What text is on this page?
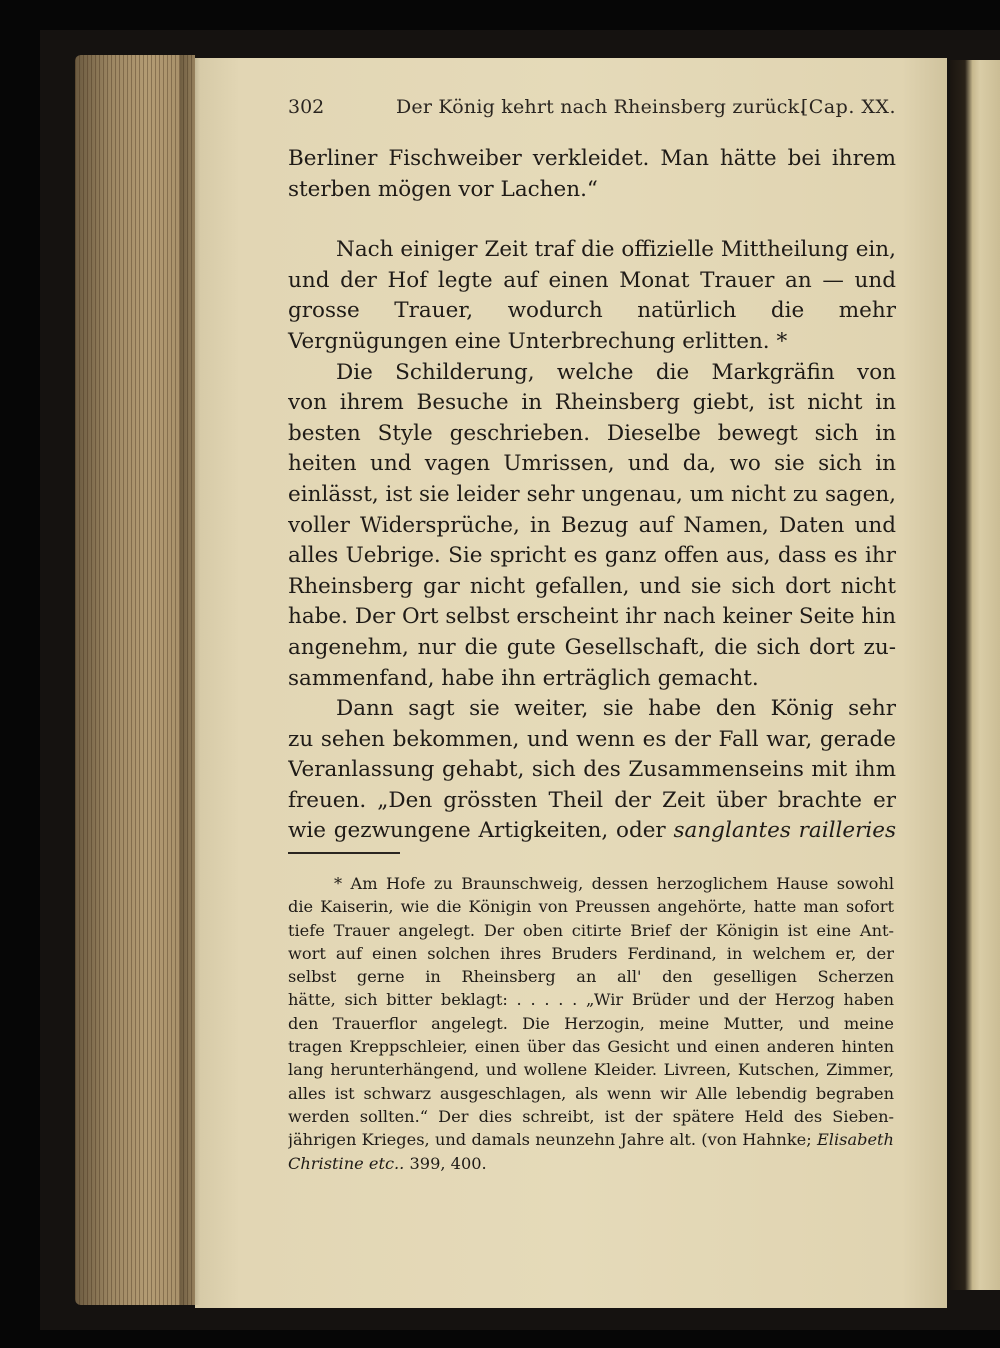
302	Der König kehrt nach Rheinsberg zurück.
[Cap. XX.
Berliner Fischweiber verkleidet. Man hätte bei ihrem
sterben mögen vor Lachen.“
Nach einiger Zeit traf die offizielle Mittheilung ein,
und der Hof legte auf einen Monat Trauer an — und
grosse Trauer, wodurch natürlich die mehr
Vergnügungen eine Unterbrechung erlitten. *
Die Schilderung, welche die Markgräfin von
von ihrem Besuche in Rheinsberg giebt, ist nicht in
besten Style geschrieben. Dieselbe bewegt sich in
heiten und vagen Umrissen, und da, wo sie sich in
einlässt, ist sie leider sehr ungenau, um nicht zu sagen,
voller Widersprüche, in Bezug auf Namen, Daten und
alles Uebrige. Sie spricht es ganz offen aus, dass es ihr
Rheinsberg gar nicht gefallen, und sie sich dort nicht
habe. Der Ort selbst erscheint ihr nach keiner Seite hin
angenehm, nur die gute Gesellschaft, die sich dort zu-
sammenfand, habe ihn erträglich gemacht.
Dann sagt sie weiter, sie habe den König sehr
zu sehen bekommen, und wenn es der Fall war, gerade
Veranlassung gehabt, sich des Zusammenseins mit ihm
freuen. „Den grössten Theil der Zeit über brachte er
wie gezwungene Artigkeiten, oder sanglantes railleries
* Am Hofe zu Braunschweig, dessen herzoglichem Hause sowohl
die Kaiserin, wie die Königin von Preussen angehörte, hatte man sofort
tiefe Trauer angelegt. Der oben citirte Brief der Königin ist eine Ant-
wort auf einen solchen ihres Bruders Ferdinand, in welchem er, der
selbst gerne in Rheinsberg an all' den geselligen Scherzen
hätte, sich bitter beklagt: . . . . . „Wir Brüder und der Herzog haben
den Trauerflor angelegt. Die Herzogin, meine Mutter, und meine
tragen Kreppschleier, einen über das Gesicht und einen anderen hinten
lang herunterhängend, und wollene Kleider. Livreen, Kutschen, Zimmer,
alles ist schwarz ausgeschlagen, als wenn wir Alle lebendig begraben
werden sollten.“ Der dies schreibt, ist der spätere Held des Sieben-
jährigen Krieges, und damals neunzehn Jahre alt. (von Hahnke; Elisabeth
Christine etc.. 399, 400.
